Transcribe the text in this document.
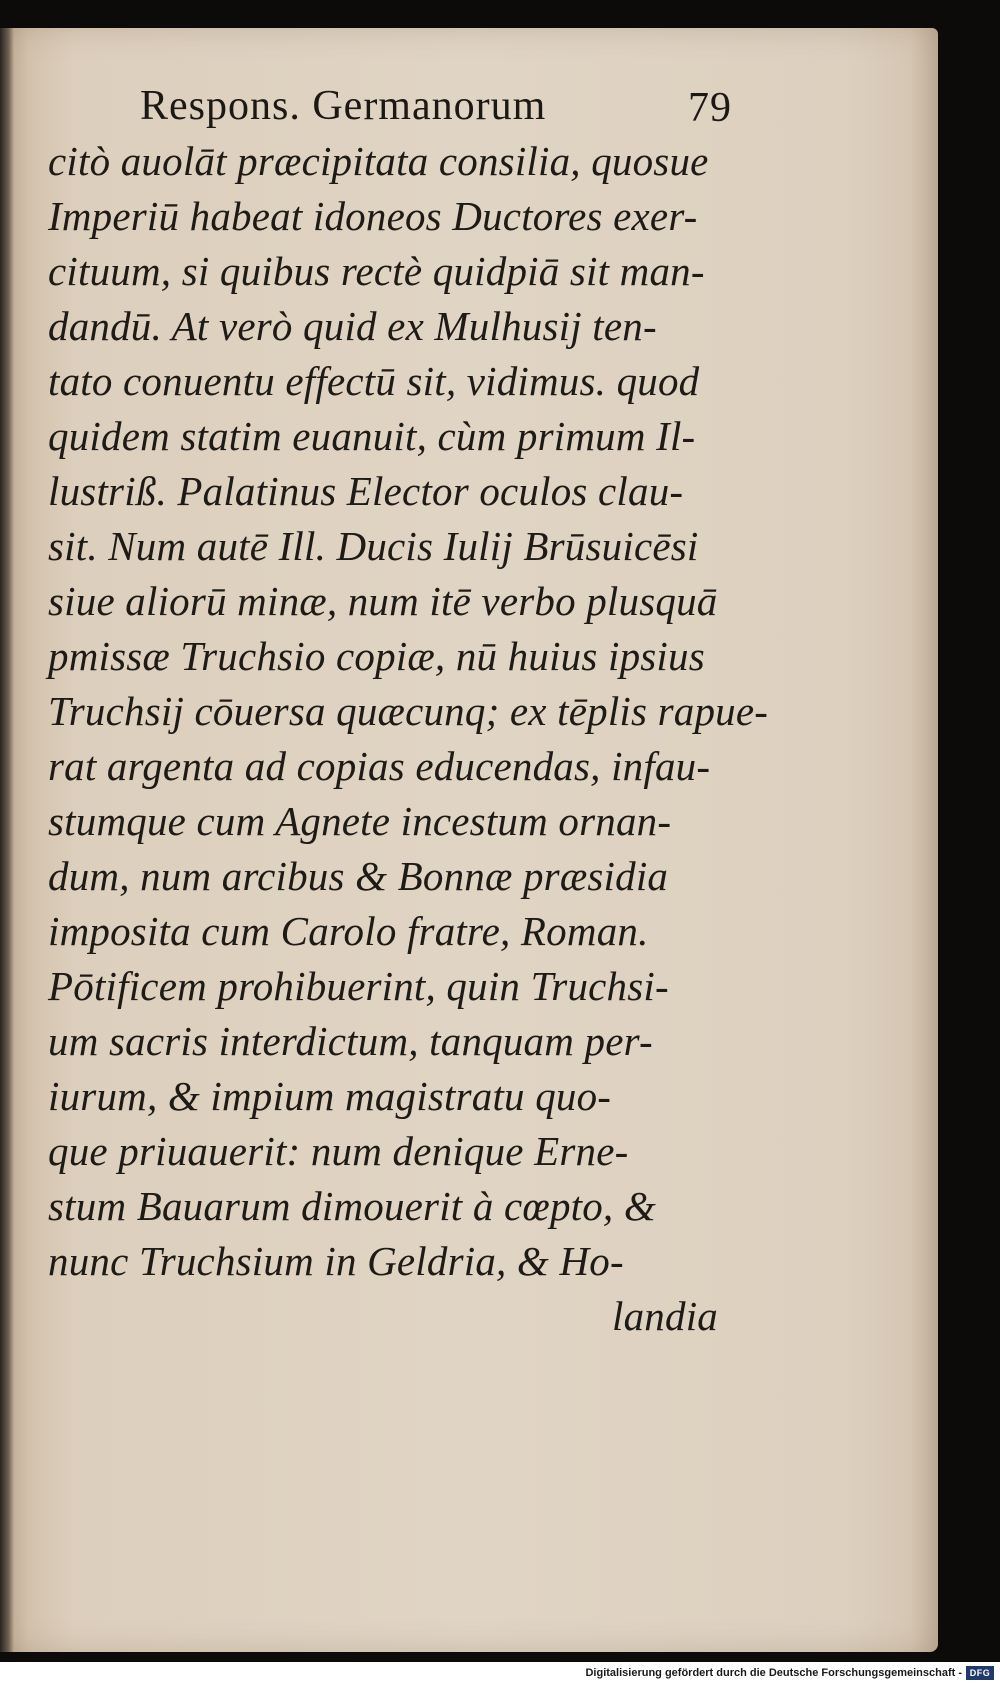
Respons. Germanorum	79
citò auolāt præcipitata consilia, quosue
Imperiū habeat idoneos Ductores exer-
cituum, si quibus rectè quidpiā sit man-
dandū. At verò quid ex Mulhusij ten-
tato conuentu effectū sit, vidimus. quod
quidem statim euanuit, cùm primum Il-
lustriß. Palatinus Elector oculos clau-
sit. Num autē Ill. Ducis Iulij Brūsuicēsi
siue aliorū minæ, num itē verbo plusquā
pmissæ Truchsio copiæ, nū huius ipsius
Truchsij cōuersa quæcunq; ex tēplis rapue-
rat argenta ad copias educendas, infau-
stumque cum Agnete incestum ornan-
dum, num arcibus & Bonnæ præsidia
imposita cum Carolo fratre, Roman.
Pōtificem prohibuerint, quin Truchsi-
um sacris interdictum, tanquam per-
iurum, & impium magistratu quo-
que priuauerit: num denique Erne-
stum Bauarum dimouerit à cœpto, &
nunc Truchsium in Geldria, & Ho-
landia
Digitalisierung gefördert durch die Deutsche Forschungsgemeinschaft - DFG
